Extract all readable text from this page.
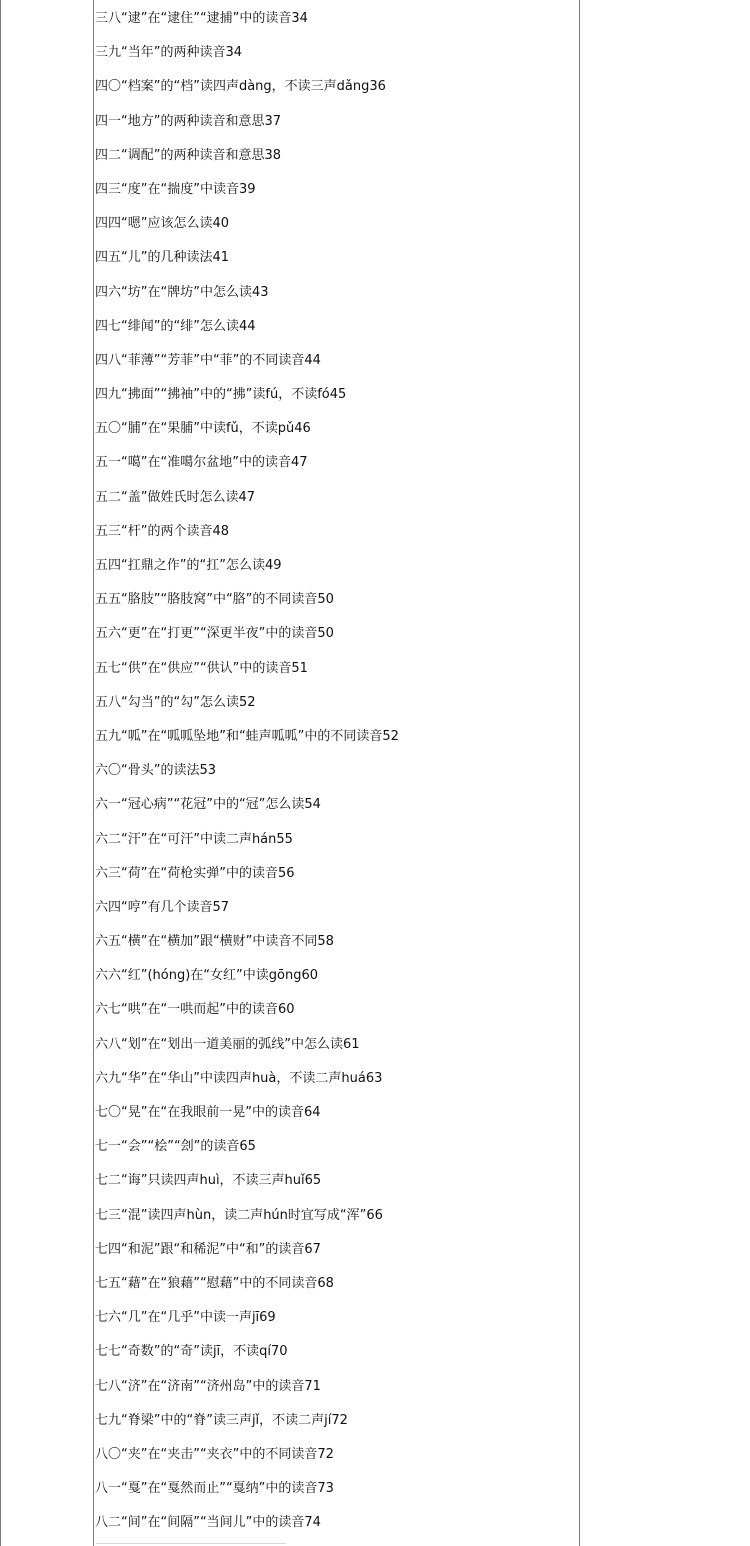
三八“逮”在“逮住”“逮捕”中的读音34
三九“当年”的两种读音34
四〇“档案”的“档”读四声dàng，不读三声dǎng36
四一“地方”的两种读音和意思37
四二“调配”的两种读音和意思38
四三“度”在“揣度”中读音39
四四“嗯”应该怎么读40
四五“儿”的几种读法41
四六“坊”在“牌坊”中怎么读43
四七“绯闻”的“绯”怎么读44
四八“菲薄”“芳菲”中“菲”的不同读音44
四九“拂面”“拂袖”中的“拂”读fú，不读fó45
五〇“脯”在“果脯”中读fǔ，不读pǔ46
五一“噶”在“准噶尔盆地”中的读音47
五二“盖”做姓氏时怎么读47
五三“杆”的两个读音48
五四“扛鼎之作”的“扛”怎么读49
五五“胳肢”“胳肢窝”中“胳”的不同读音50
五六“更”在“打更”“深更半夜”中的读音50
五七“供”在“供应”“供认”中的读音51
五八“勾当”的“勾”怎么读52
五九“呱”在“呱呱坠地”和“蛙声呱呱”中的不同读音52
六〇“骨头”的读法53
六一“冠心病”“花冠”中的“冠”怎么读54
六二“汗”在“可汗”中读二声hán55
六三“荷”在“荷枪实弹”中的读音56
六四“哼”有几个读音57
六五“横”在“横加”跟“横财”中读音不同58
六六“红”(hóng)在“女红”中读gōng60
六七“哄”在“一哄而起”中的读音60
六八“划”在“划出一道美丽的弧线”中怎么读61
六九“华”在“华山”中读四声huà，不读二声huá63
七〇“晃”在“在我眼前一晃”中的读音64
七一“会”“桧”“刽”的读音65
七二“诲”只读四声huì，不读三声huǐ65
七三“混”读四声hùn，读二声hún时宜写成“浑”66
七四“和泥”跟“和稀泥”中“和”的读音67
七五“藉”在“狼藉”“慰藉”中的不同读音68
七六“几”在“几乎”中读一声jī69
七七“奇数”的“奇”读jī，不读qí70
七八“济”在“济南”“济州岛”中的读音71
七九“脊梁”中的“脊”读三声jǐ，不读二声jí72
八〇“夹”在“夹击”“夹衣”中的不同读音72
八一“戛”在“戛然而止”“戛纳”中的读音73
八二“间”在“间隔”“当间儿”中的读音74
